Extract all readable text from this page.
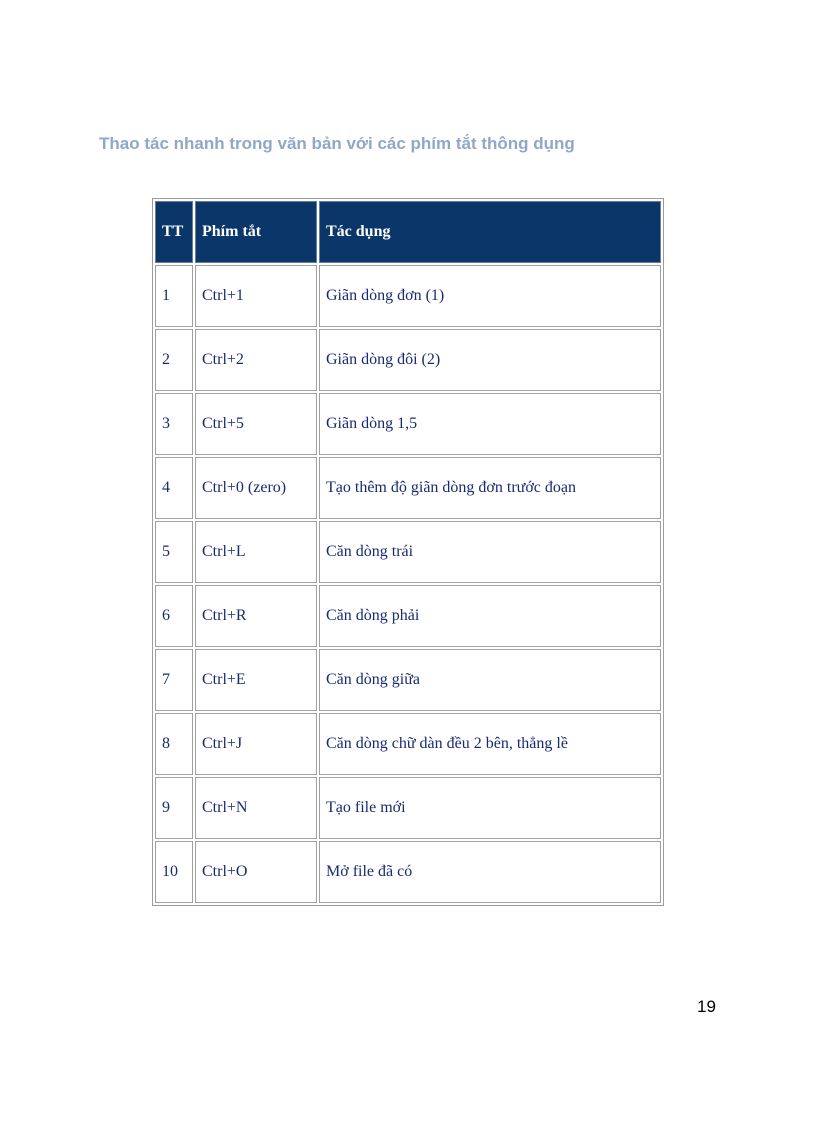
Thao tác nhanh trong văn bản với các phím tắt thông dụng
TT	Phím tắt	Tác dụng
1	Ctrl+1	Giãn dòng đơn (1)
2	Ctrl+2	Giãn dòng đôi (2)
3	Ctrl+5	Giãn dòng 1,5
4	Ctrl+0 (zero)	Tạo thêm độ giãn dòng đơn trước đoạn
5	Ctrl+L	Căn dòng trái
6	Ctrl+R	Căn dòng phải
7	Ctrl+E	Căn dòng giữa
8	Ctrl+J	Căn dòng chữ dàn đều 2 bên, thẳng lề
9	Ctrl+N	Tạo file mới
10	Ctrl+O	Mở file đã có
19
